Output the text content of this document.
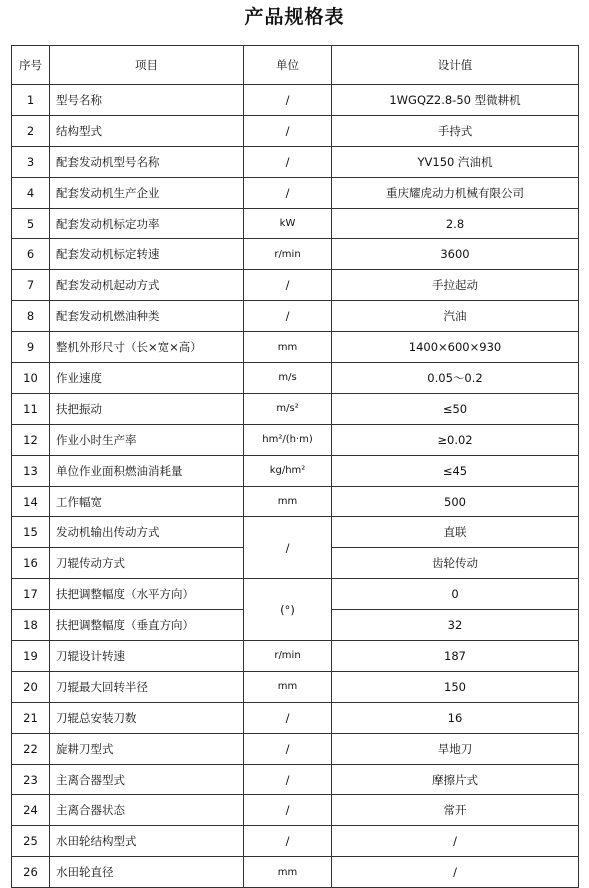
产品规格表
序号	项目	单位	设计值
1	型号名称	/	1WGQZ2.8-50 型微耕机
2	结构型式	/	手持式
3	配套发动机型号名称	/	YV150 汽油机
4	配套发动机生产企业	/	重庆耀虎动力机械有限公司
5	配套发动机标定功率	kW	2.8
6	配套发动机标定转速	r/min	3600
7	配套发动机起动方式	/	手拉起动
8	配套发动机燃油种类	/	汽油
9	整机外形尺寸（长×宽×高）	mm	1400×600×930
10	作业速度	m/s	0.05～0.2
11	扶把振动	m/s²	≤50
12	作业小时生产率	hm²/(h·m)	≥0.02
13	单位作业面积燃油消耗量	kg/hm²	≤45
14	工作幅宽	mm	500
15	发动机输出传动方式	/	直联
16	刀辊传动方式		齿轮传动
17	扶把调整幅度（水平方向）	(°)	0
18	扶把调整幅度（垂直方向）		32
19	刀辊设计转速	r/min	187
20	刀辊最大回转半径	mm	150
21	刀辊总安装刀数	/	16
22	旋耕刀型式	/	旱地刀
23	主离合器型式	/	摩擦片式
24	主离合器状态	/	常开
25	水田轮结构型式	/	/
26	水田轮直径	mm	/
